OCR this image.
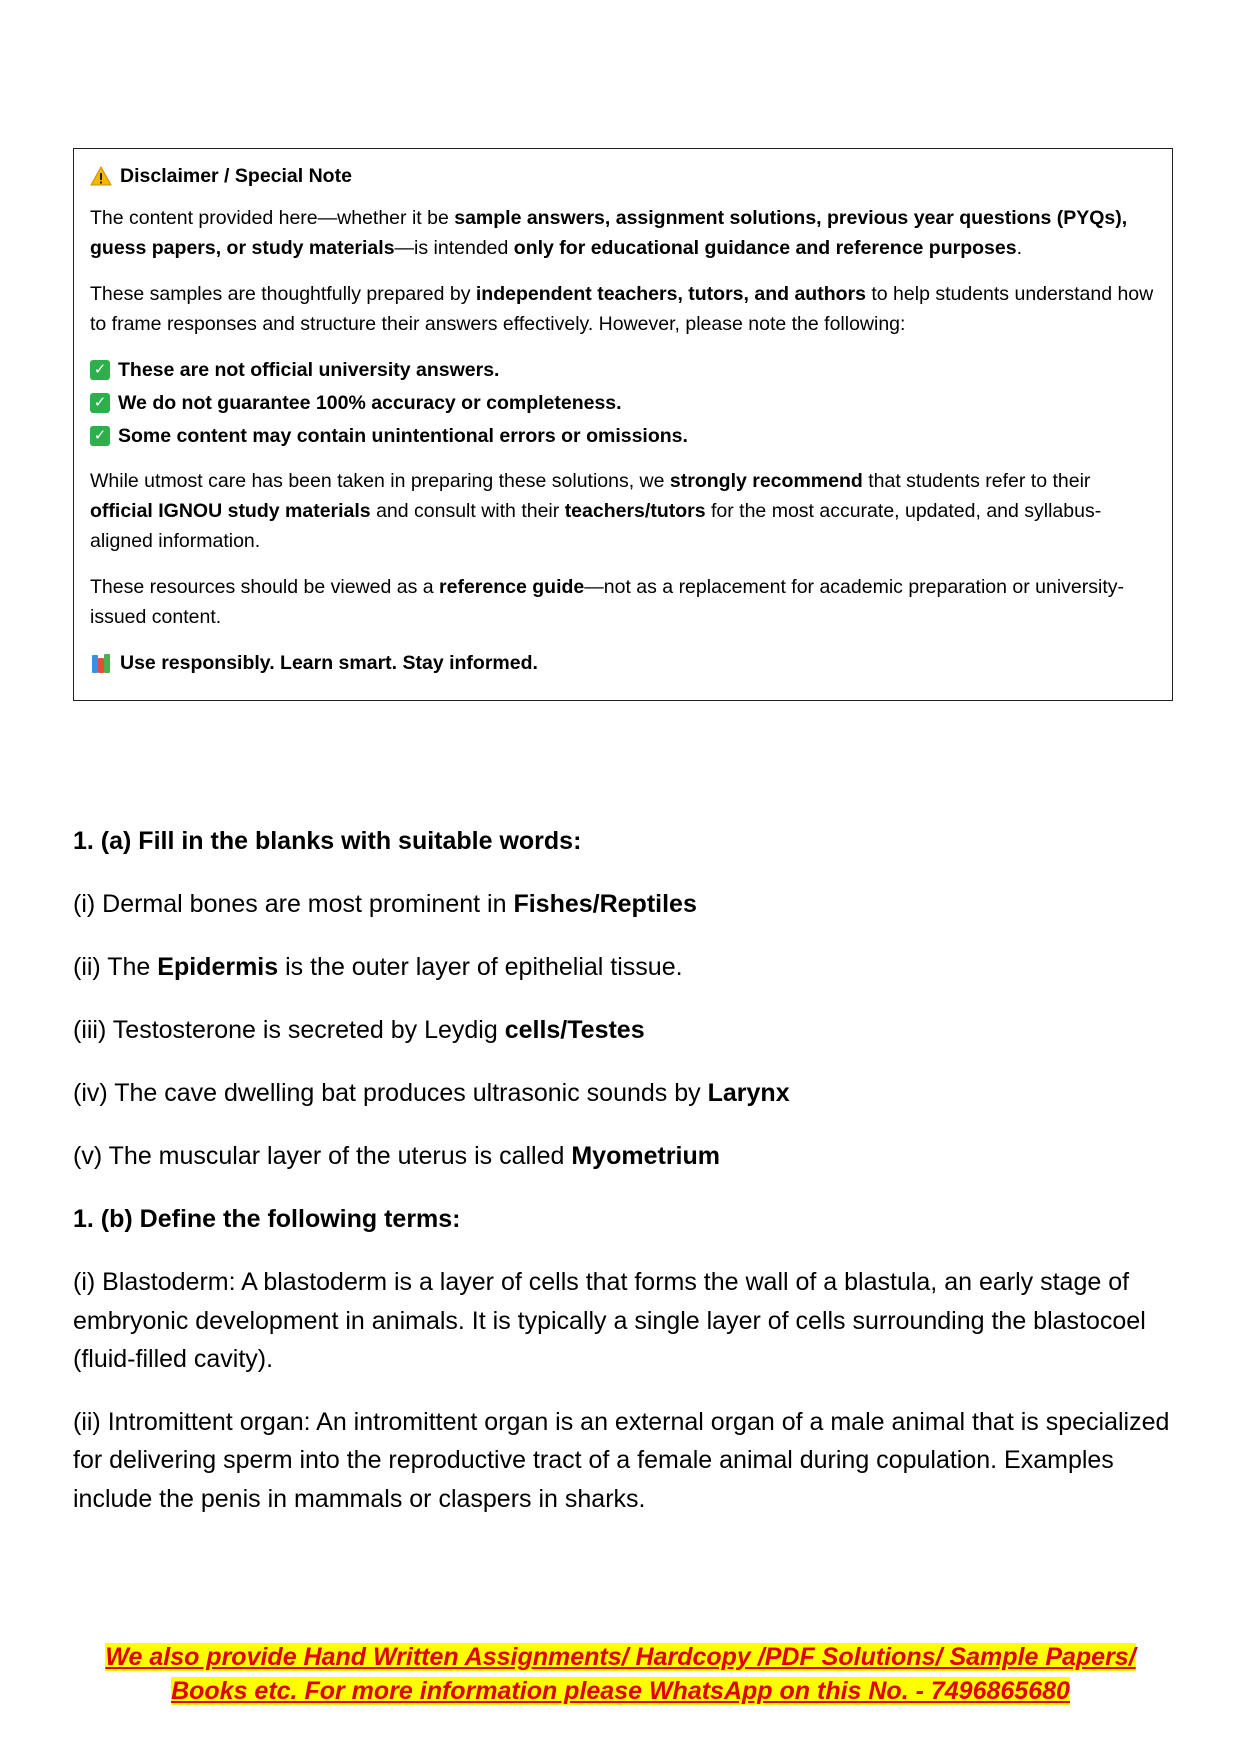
Disclaimer / Special Note

The content provided here—whether it be sample answers, assignment solutions, previous year questions (PYQs), guess papers, or study materials—is intended only for educational guidance and reference purposes.

These samples are thoughtfully prepared by independent teachers, tutors, and authors to help students understand how to frame responses and structure their answers effectively. However, please note the following:

✓ These are not official university answers.
✓ We do not guarantee 100% accuracy or completeness.
✓ Some content may contain unintentional errors or omissions.

While utmost care has been taken in preparing these solutions, we strongly recommend that students refer to their official IGNOU study materials and consult with their teachers/tutors for the most accurate, updated, and syllabus-aligned information.

These resources should be viewed as a reference guide—not as a replacement for academic preparation or university-issued content.

Use responsibly. Learn smart. Stay informed.

1. (a) Fill in the blanks with suitable words:

(i) Dermal bones are most prominent in Fishes/Reptiles

(ii) The Epidermis is the outer layer of epithelial tissue.

(iii) Testosterone is secreted by Leydig cells/Testes

(iv) The cave dwelling bat produces ultrasonic sounds by Larynx

(v) The muscular layer of the uterus is called Myometrium

1. (b) Define the following terms:

(i) Blastoderm: A blastoderm is a layer of cells that forms the wall of a blastula, an early stage of embryonic development in animals. It is typically a single layer of cells surrounding the blastocoel (fluid-filled cavity).

(ii) Intromittent organ: An intromittent organ is an external organ of a male animal that is specialized for delivering sperm into the reproductive tract of a female animal during copulation. Examples include the penis in mammals or claspers in sharks.

We also provide Hand Written Assignments/ Hardcopy /PDF Solutions/ Sample Papers/
Books etc. For more information please WhatsApp on this No. - 7496865680
